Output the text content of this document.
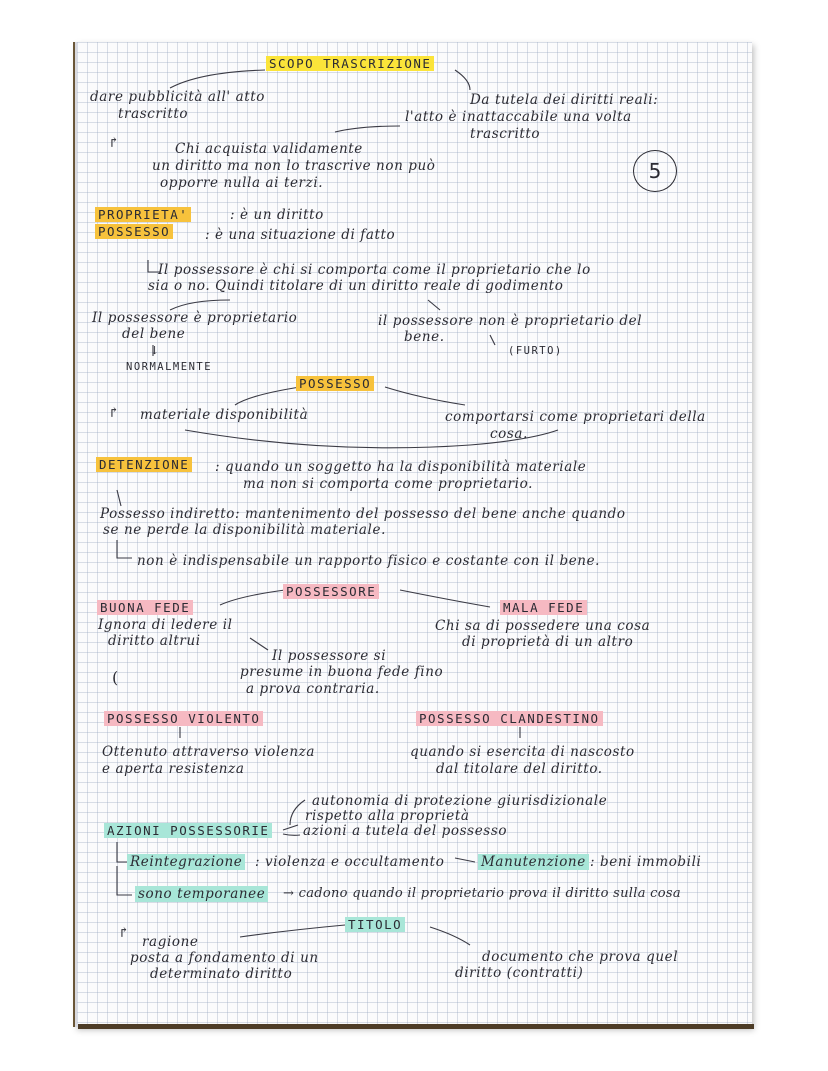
SCOPO TRASCRIZIONE
dare pubblicità all' atto
trascritto
Da tutela dei diritti reali:
l'atto è inattaccabile una volta
trascritto
↱	Chi acquista validamente
un diritto ma non lo trascrive non può
opporre nulla ai terzi.	5
PROPRIETA'	: è un diritto
POSSESSO	: è una situazione di fatto
Il possessore è chi si comporta come il proprietario che lo
sia o no. Quindi titolare di un diritto reale di godimento
Il possessore è proprietario
del bene
↓
NORMALMENTE
il possessore non è proprietario del
bene.
(FURTO)
POSSESSO
↱ materiale disponibilità	comportarsi come proprietari della
cosa.
DETENZIONE : quando un soggetto ha la disponibilità materiale
ma non si comporta come proprietario.
Possesso indiretto: mantenimento del possesso del bene anche quando
se ne perde la disponibilità materiale.
non è indispensabile un rapporto fisico e costante con il bene.
POSSESSORE
BUONA FEDE
Ignora di ledere il
diritto altrui
MALA FEDE
Chi sa di possedere una cosa
di proprietà di un altro
Il possessore si
presume in buona fede fino
a prova contraria.
(
POSSESSO VIOLENTO
Ottenuto attraverso violenza
e aperta resistenza
POSSESSO CLANDESTINO
quando si esercita di nascosto
dal titolare del diritto.
autonomia di protezione giurisdizionale
rispetto alla proprietà
AZIONI POSSESSORIE azioni a tutela del possesso
Reintegrazione : violenza e occultamento	Manutenzione : beni immobili
sono temporanee → cadono quando il proprietario prova il diritto sulla cosa
TITOLO
↱
ragione
posta a fondamento di un
determinato diritto
documento che prova quel
diritto (contratti)
